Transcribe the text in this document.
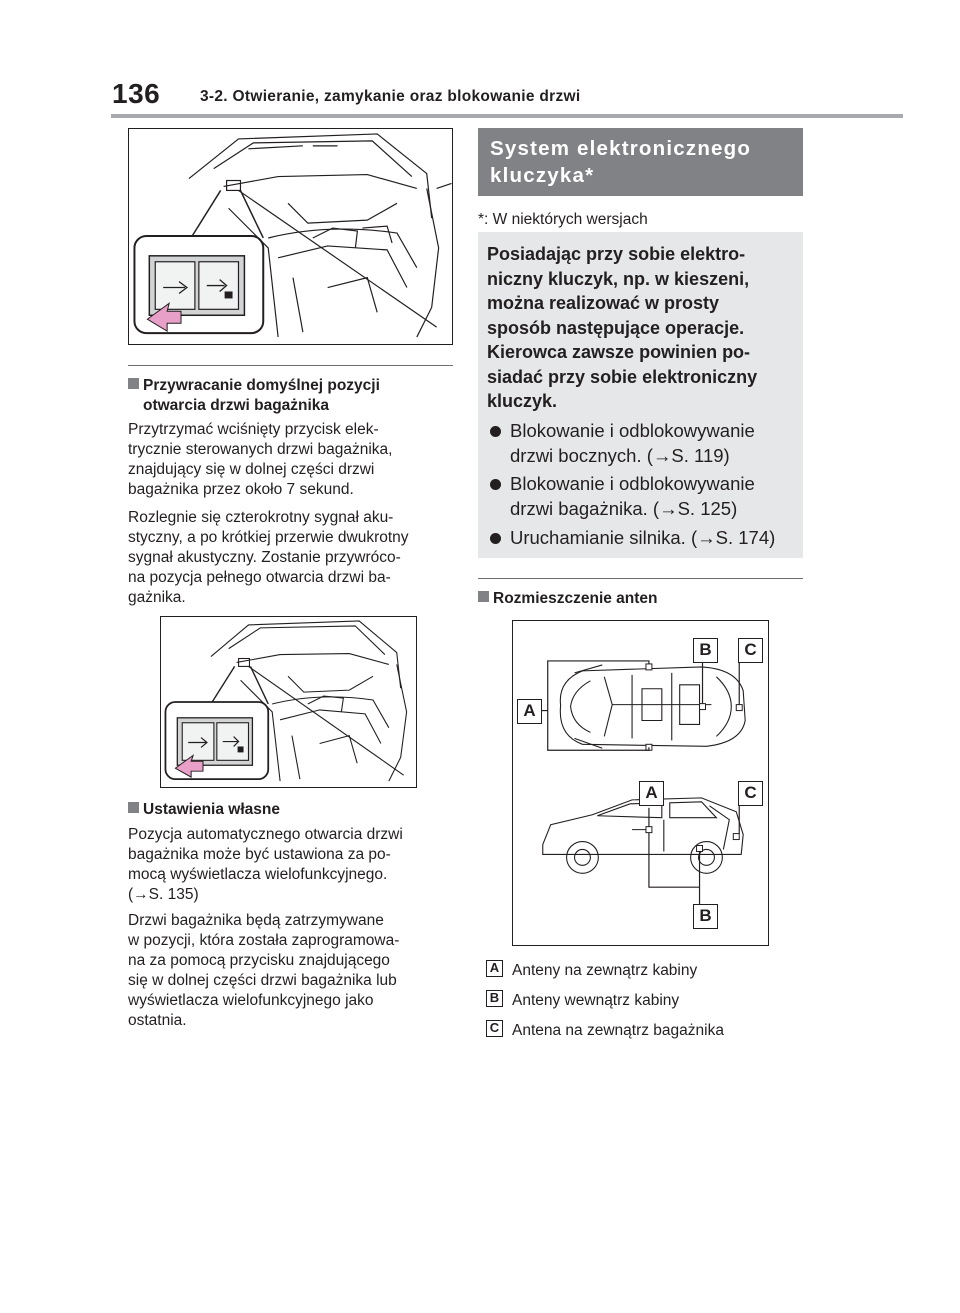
136	3-2. Otwieranie, zamykanie oraz blokowanie drzwi
Przywracanie domyślnej pozycji
otwarcia drzwi bagażnika
Przytrzymać wciśnięty przycisk elek-
trycznie sterowanych drzwi bagażnika,
znajdujący się w dolnej części drzwi
bagażnika przez około 7 sekund.
Rozlegnie się czterokrotny sygnał aku-
styczny, a po krótkiej przerwie dwukrotny
sygnał akustyczny. Zostanie przywróco-
na pozycja pełnego otwarcia drzwi ba-
gażnika.
Ustawienia własne
Pozycja automatycznego otwarcia drzwi
bagażnika może być ustawiona za po-
mocą wyświetlacza wielofunkcyjnego.
(→S. 135)
Drzwi bagażnika będą zatrzymywane
w pozycji, która została zaprogramowa-
na za pomocą przycisku znajdującego
się w dolnej części drzwi bagażnika lub
wyświetlacza wielofunkcyjnego jako
ostatnia.
System elektronicznego
kluczyka*
*: W niektórych wersjach
Posiadając przy sobie elektro-
niczny kluczyk, np. w kieszeni,
można realizować w prosty
sposób następujące operacje.
Kierowca zawsze powinien po-
siadać przy sobie elektroniczny
kluczyk.
Blokowanie i odblokowywanie
drzwi bocznych. (→S. 119)
Blokowanie i odblokowywanie
drzwi bagażnika. (→S. 125)
Uruchamianie silnika. (→S. 174)
Rozmieszczenie anten
B	C
A
A	C
B
A Anteny na zewnątrz kabiny
B Anteny wewnątrz kabiny
C Antena na zewnątrz bagażnika
